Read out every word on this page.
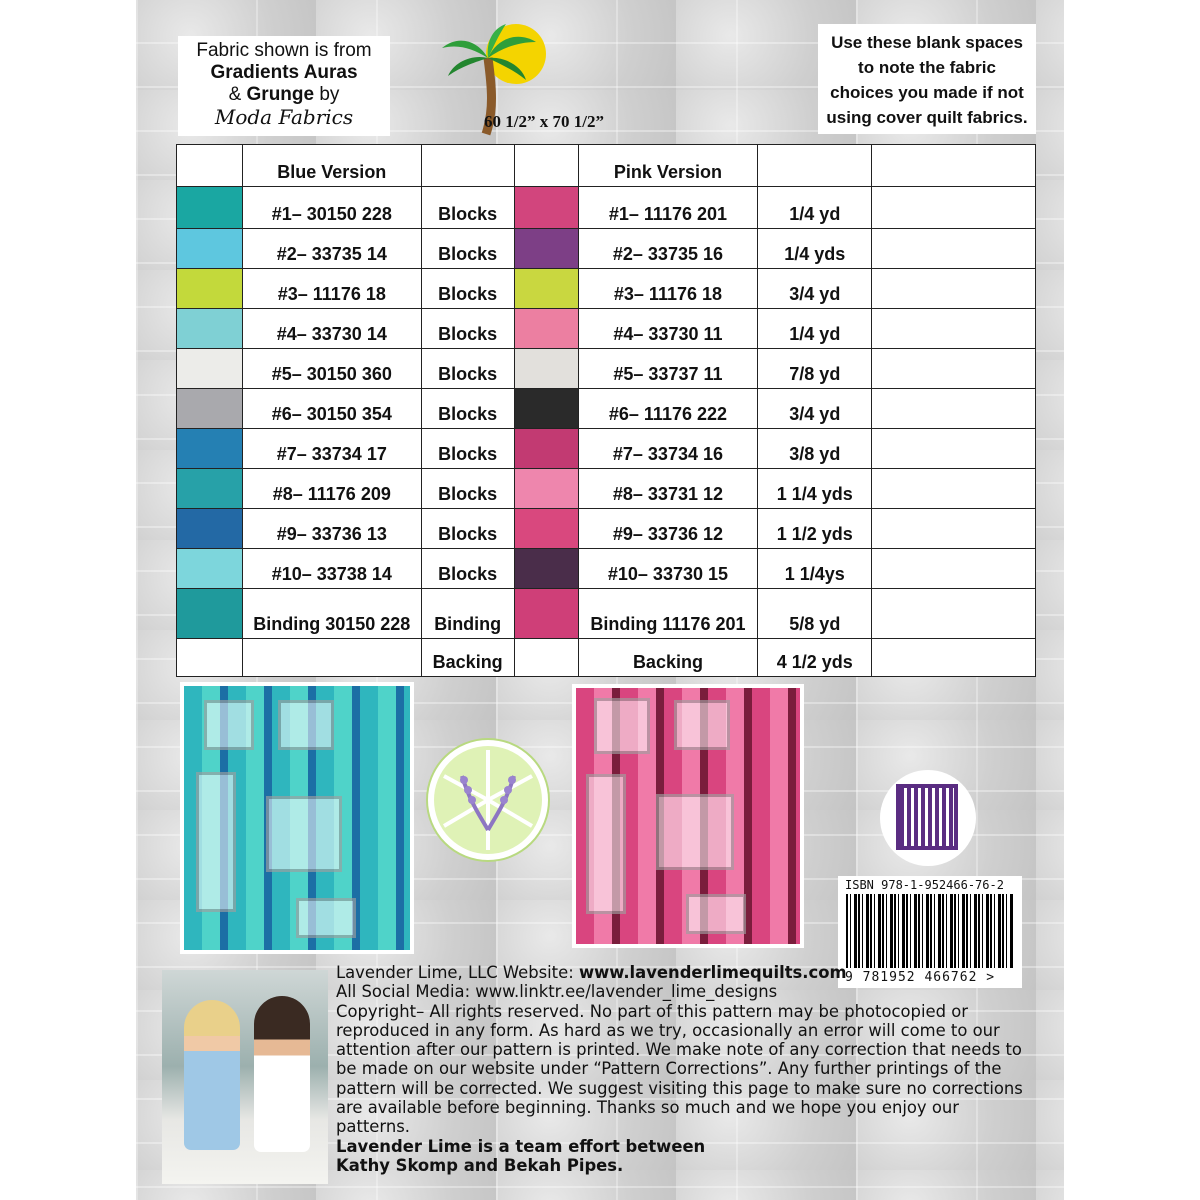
Fabric shown is from
Gradients Auras
& Grunge by
Moda Fabrics	60 1/2” x 70 1/2”
Use these blank spaces
to note the fabric
choices you made if not
using cover quilt fabrics.
	Blue Version			Pink Version		
	#1– 30150 228	Blocks		#1– 11176 201	1/4 yd	
	#2– 33735 14	Blocks		#2– 33735 16	1/4 yds	
	#3– 11176 18	Blocks		#3– 11176 18	3/4 yd	
	#4– 33730 14	Blocks		#4– 33730 11	1/4 yd	
	#5– 30150 360	Blocks		#5– 33737 11	7/8 yd	
	#6– 30150 354	Blocks		#6– 11176 222	3/4 yd	
	#7– 33734 17	Blocks		#7– 33734 16	3/8 yd	
	#8– 11176 209	Blocks		#8– 33731 12	1 1/4 yds	
	#9– 33736 13	Blocks		#9– 33736 12	1 1/2 yds	
	#10– 33738 14	Blocks		#10– 33730 15	1 1/4ys	
	Binding 30150 228	Binding		Binding 11176 201	5/8 yd	
		Backing		Backing	4 1/2 yds	
ISBN 978-1-952466-76-2
9 781952 466762 >
Lavender Lime, LLC Website: www.lavenderlimequilts.com
All Social Media: www.linktr.ee/lavender_lime_designs
Copyright– All rights reserved. No part of this pattern may be photocopied or reproduced in any form. As hard as we try, occasionally an error will come to our attention after our pattern is printed. We make note of any correction that needs to be made on our website under “Pattern Corrections”. Any further printings of the pattern will be corrected. We suggest visiting this page to make sure no corrections are available before beginning. Thanks so much and we hope you enjoy our patterns.
Lavender Lime is a team effort between
Kathy Skomp and Bekah Pipes.
